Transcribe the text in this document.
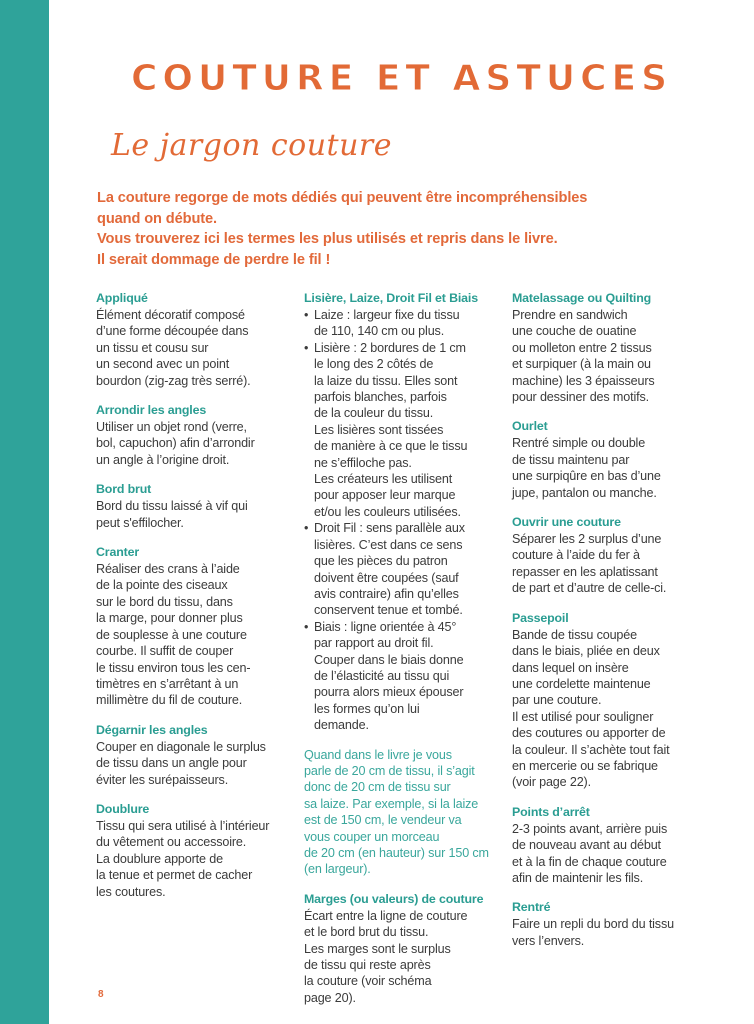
COUTURE ET ASTUCES COUTURE ET ASTUCES
Le jargon couture

La couture regorge de mots dédiés qui peuvent être incompréhensibles

quand on débute.

Vous trouverez ici les termes les plus utilisés et repris dans le livre.

Il serait dommage de perdre le fil !

Appliqué

Élément décoratif composé
d’une forme découpée dans
un tissu et cousu sur
un second avec un point
bourdon (zig-zag très serré).

Arrondir les angles

Utiliser un objet rond (verre,
bol, capuchon) afin d’arrondir
un angle à l’origine droit.

Bord brut

Bord du tissu laissé à vif qui
peut s'effilocher.

Cranter

Réaliser des crans à l’aide
de la pointe des ciseaux
sur le bord du tissu, dans
la marge, pour donner plus
de souplesse à une couture
courbe. Il suffit de couper
le tissu environ tous les cen-
timètres en s’arrêtant à un
millimètre du fil de couture.

Dégarnir les angles

Couper en diagonale le surplus
de tissu dans un angle pour
éviter les surépaisseurs.

Doublure

Tissu qui sera utilisé à l’intérieur
du vêtement ou accessoire.
La doublure apporte de
la tenue et permet de cacher
les coutures.

Lisière, Laize, Droit Fil et Biais

• Laize : largeur fixe du tissu
de 110, 140 cm ou plus.
• Lisière : 2 bordures de 1 cm
le long des 2 côtés de
la laize du tissu. Elles sont
parfois blanches, parfois
de la couleur du tissu.
Les lisières sont tissées
de manière à ce que le tissu
ne s’effiloche pas.
Les créateurs les utilisent
pour apposer leur marque
et/ou les couleurs utilisées.
• Droit Fil : sens parallèle aux
lisières. C’est dans ce sens
que les pièces du patron
doivent être coupées (sauf
avis contraire) afin qu’elles
conservent tenue et tombé.
• Biais : ligne orientée à 45°
par rapport au droit fil.
Couper dans le biais donne
de l’élasticité au tissu qui
pourra alors mieux épouser
les formes qu’on lui
demande.

Quand dans le livre je vous
parle de 20 cm de tissu, il s’agit
donc de 20 cm de tissu sur
sa laize. Par exemple, si la laize
est de 150 cm, le vendeur va
vous couper un morceau
de 20 cm (en hauteur) sur 150 cm
(en largeur).

Marges (ou valeurs) de couture

Écart entre la ligne de couture
et le bord brut du tissu.
Les marges sont le surplus
de tissu qui reste après
la couture (voir schéma
page 20).

Matelassage ou Quilting

Prendre en sandwich
une couche de ouatine
ou molleton entre 2 tissus
et surpiquer (à la main ou
machine) les 3 épaisseurs
pour dessiner des motifs.

Ourlet

Rentré simple ou double
de tissu maintenu par
une surpiqûre en bas d’une
jupe, pantalon ou manche.

Ouvrir une couture

Séparer les 2 surplus d’une
couture à l’aide du fer à
repasser en les aplatissant
de part et d’autre de celle-ci.

Passepoil

Bande de tissu coupée
dans le biais, pliée en deux
dans lequel on insère
une cordelette maintenue
par une couture.
Il est utilisé pour souligner
des coutures ou apporter de
la couleur. Il s’achète tout fait
en mercerie ou se fabrique
(voir page 22).

Points d’arrêt

2-3 points avant, arrière puis
de nouveau avant au début
et à la fin de chaque couture
afin de maintenir les fils.

Rentré

Faire un repli du bord du tissu
vers l’envers.

8
